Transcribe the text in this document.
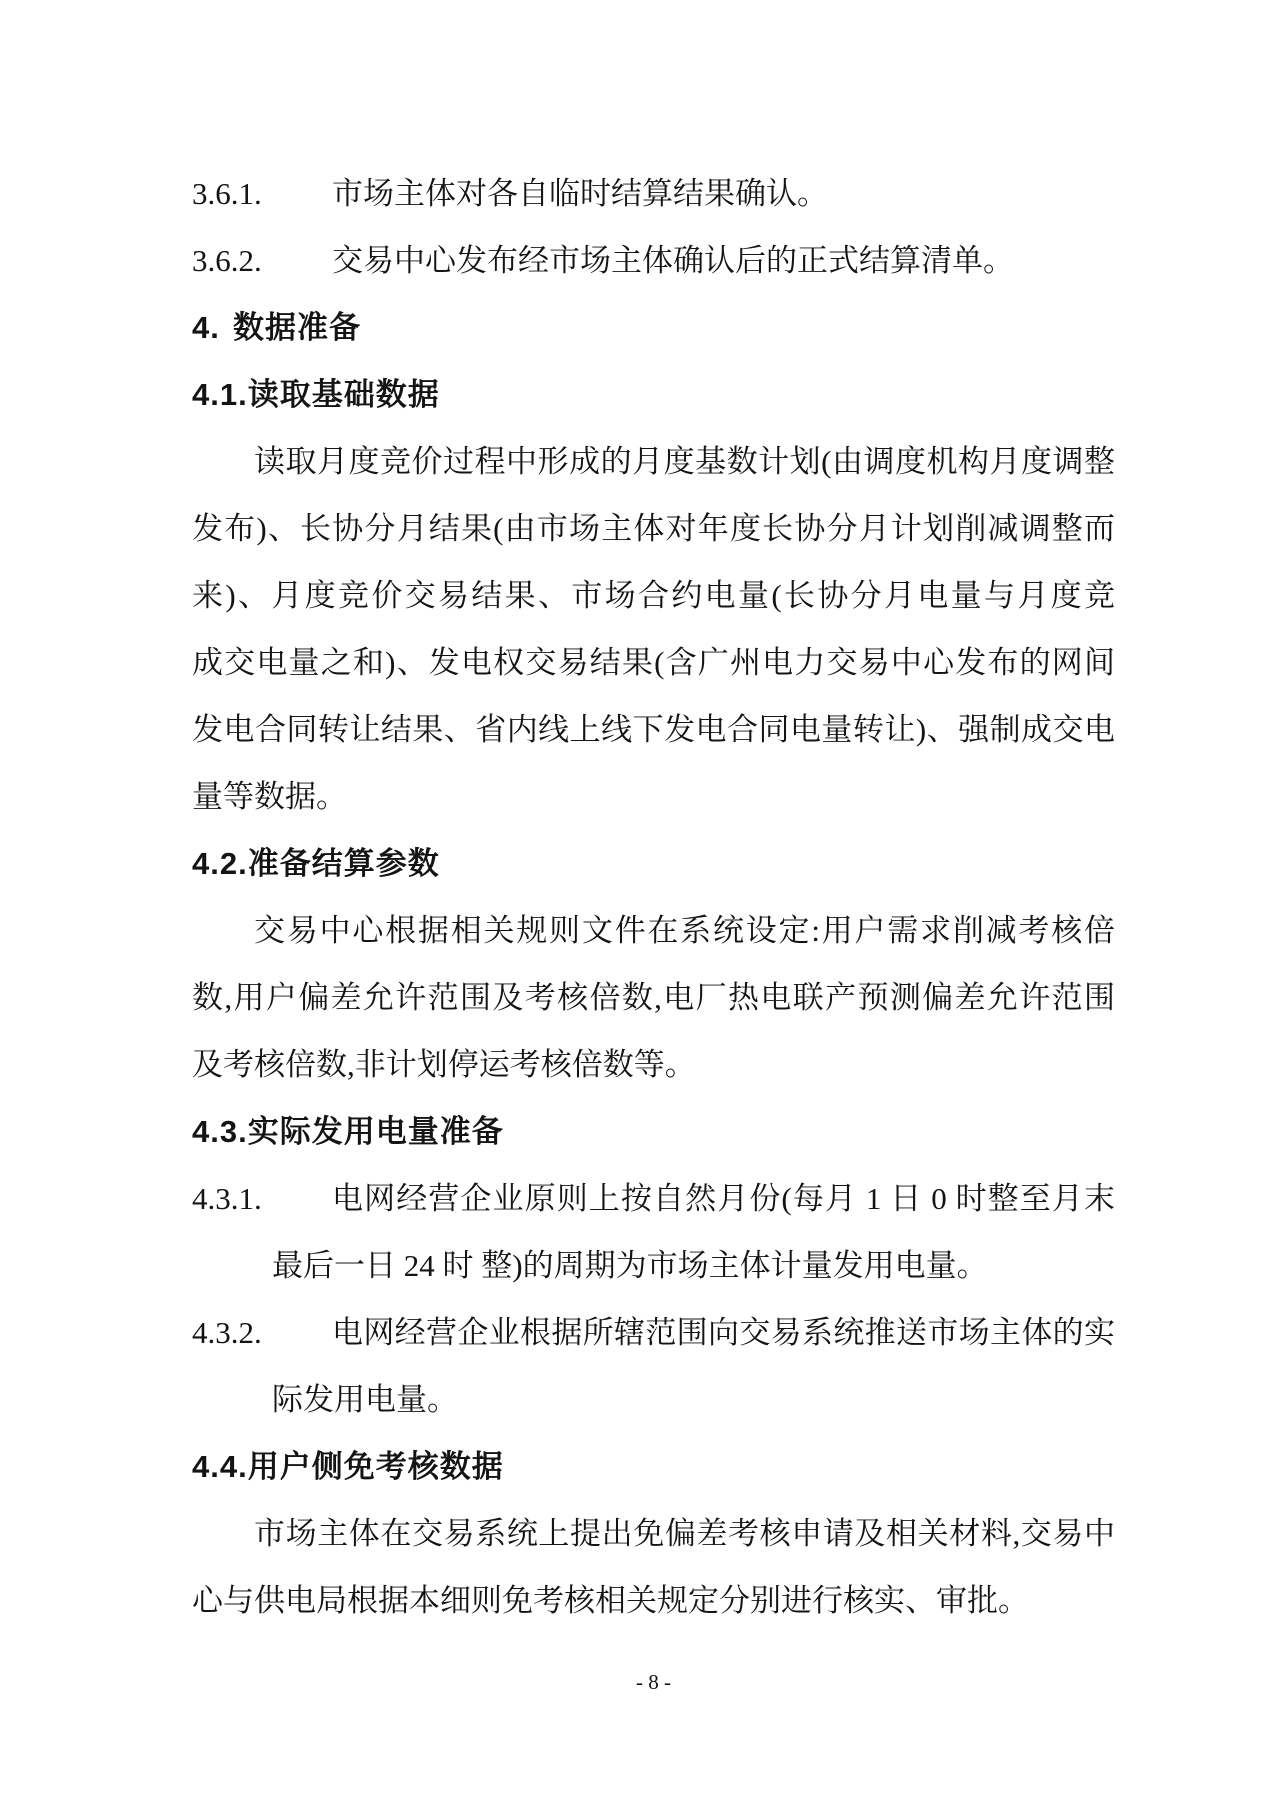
3.6.1.	市场主体对各自临时结算结果确认。
3.6.2.	交易中心发布经市场主体确认后的正式结算清单。
4. 数据准备
4.1.读取基础数据
读取月度竞价过程中形成的月度基数计划(由调度机构月度调整
发布)、长协分月结果(由市场主体对年度长协分月计划削减调整而
来)、月度竞价交易结果、市场合约电量(长协分月电量与月度竞
成交电量之和)、发电权交易结果(含广州电力交易中心发布的网间
发电合同转让结果、省内线上线下发电合同电量转让)、强制成交电
量等数据。
4.2.准备结算参数
交易中心根据相关规则文件在系统设定:用户需求削减考核倍
数,用户偏差允许范围及考核倍数,电厂热电联产预测偏差允许范围
及考核倍数,非计划停运考核倍数等。
4.3.实际发用电量准备
4.3.1.	电网经营企业原则上按自然月份(每月 1 日 0 时整至月末
最后一日 24 时 整)的周期为市场主体计量发用电量。
4.3.2.	电网经营企业根据所辖范围向交易系统推送市场主体的实
际发用电量。
4.4.用户侧免考核数据
市场主体在交易系统上提出免偏差考核申请及相关材料,交易中
心与供电局根据本细则免考核相关规定分别进行核实、审批。
- 8 -
